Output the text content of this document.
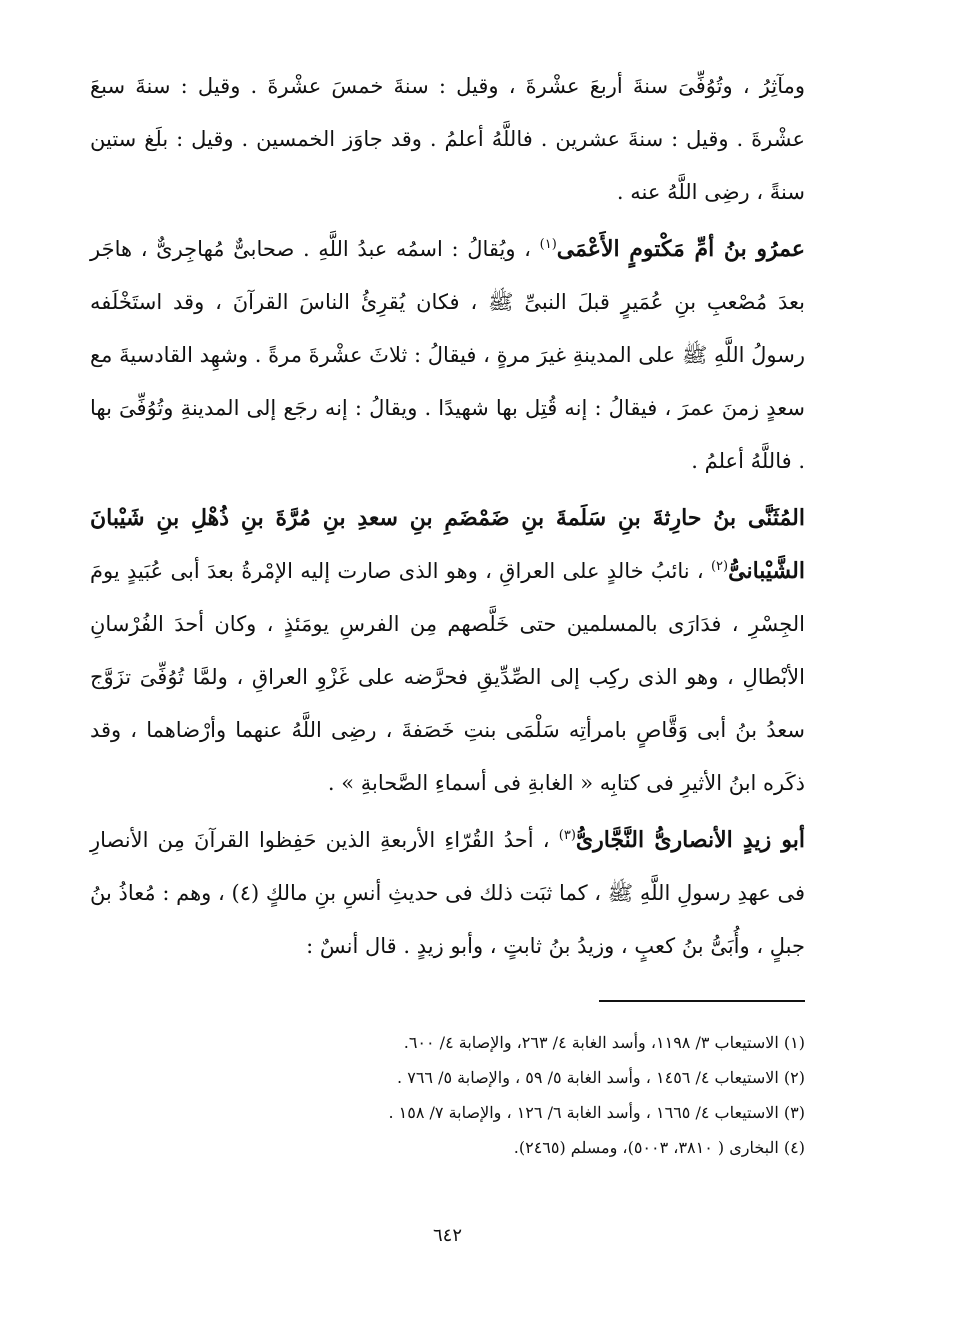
ومآثِرُ ، وتُوُفِّىَ سنةَ أربعَ عشْرةَ ، وقيل : سنةَ خمسَ عشْرةَ . وقيل : سنةَ سبعَ عشْرةَ . وقيل : سنةَ عشرين . فاللَّهُ أعلمُ . وقد جاوَز الخمسين . وقيل : بلَغ ستين سنةً ، رضِى اللَّهُ عنه .

عمرُو بنُ أمِّ مَكْتومٍ الأَعْمَى$^{(١)}$ ، ويُقالُ : اسمُه عبدُ اللَّهِ . صحابىٌّ مُهاجِرىٌّ ، هاجَر بعدَ مُصْعبِ بنِ عُمَيرٍ قبلَ النبىِّ ﷺ ، فكان يُقرِئُ الناسَ القرآنَ ، وقد استَخْلَفه رسولُ اللَّهِ ﷺ على المدينةِ غيرَ مرةٍ ، فيقالُ : ثلاثَ عشْرةَ مرةً . وشهِد القادسيةَ مع سعدٍ زمنَ عمرَ ، فيقالُ : إنه قُتِل بها شهيدًا . ويقالُ : إنه رجَع إلى المدينةِ وتُوُفِّىَ بها . فاللَّهُ أعلمُ .

المُثَنَّى بنُ حارِثةَ بنِ سَلَمةَ بنِ ضَمْضَمِ بنِ سعدِ بنِ مُرَّةَ بنِ ذُهْلِ بنِ شَيْبانَ الشَّيْبانىُّ$^{(٢)}$ ، نائبُ خالدٍ على العراقِ ، وهو الذى صارت إليه الإمْرةُ بعدَ أبى عُبَيدٍ يومَ الجِسْرِ ، فدَارَى بالمسلمين حتى خَلَّصهم مِن الفرسِ يومَئذٍ ، وكان أحدَ الفُرْسانِ الأبْطالِ ، وهو الذى ركِب إلى الصِّدِّيقِ فحرَّضه على غَزْوِ العراقِ ، ولمَّا تُوُفِّىَ تزَوَّج سعدُ بنُ أبى وَقَّاصٍ بامرأتِه سَلْمَى بنتِ خَصَفةَ ، رضِى اللَّهُ عنهما وأرْضاهما ، وقد ذكَره ابنُ الأثيرِ فى كتابِه « الغابةِ فى أسماءِ الصَّحابةِ » .

أبو زيدٍ الأنصارىُّ النَّجَّارىُّ$^{(٣)}$ ، أحدُ القُرّاءِ الأربعةِ الذين حَفِظوا القرآنَ مِن الأنصارِ فى عهدِ رسولِ اللَّهِ ﷺ ، كما ثبَت ذلك فى حديثِ أنسِ بنِ مالكٍ (٤) ، وهم : مُعاذُ بنُ جبلٍ ، وأُبَىُّ بنُ كعبٍ ، وزيدُ بنُ ثابتٍ ، وأبو زيدٍ . قال أنسٌ :

(١) الاستيعاب ٣/ ١١٩٨، وأسد الغابة ٤/ ٢٦٣، والإصابة ٤/ ٦٠٠.
(٢) الاستيعاب ٤/ ١٤٥٦ ، وأسد الغابة ٥/ ٥٩ ، والإصابة ٥/ ٧٦٦ .
(٣) الاستيعاب ٤/ ١٦٦٥ ، وأسد الغابة ٦/ ١٢٦ ، والإصابة ٧/ ١٥٨ .
(٤) البخارى ( ٣٨١٠، ٥٠٠٣)، ومسلم (٢٤٦٥).
٦٤٢
